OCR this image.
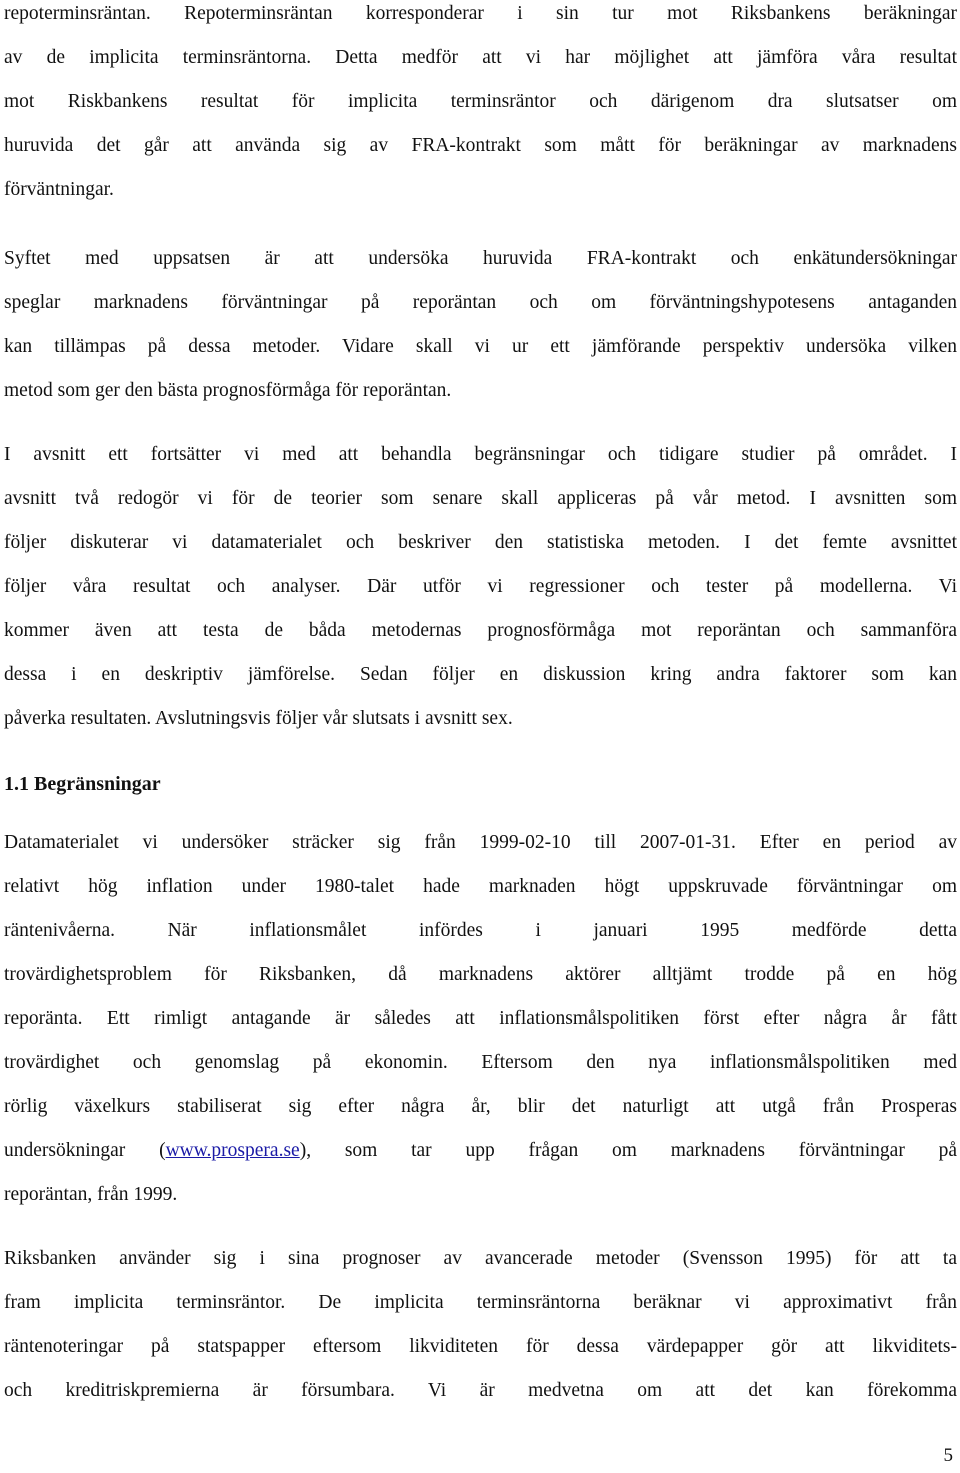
repoterminsräntan. Repoterminsräntan korresponderar i sin tur mot Riksbankens beräkningar
av de implicita terminsräntorna. Detta medför att vi har möjlighet att jämföra våra resultat
mot Riskbankens resultat för implicita terminsräntor och därigenom dra slutsatser om
huruvida det går att använda sig av FRA-kontrakt som mått för beräkningar av marknadens
förväntningar.
Syftet med uppsatsen är att undersöka huruvida FRA-kontrakt och enkätundersökningar
speglar marknadens förväntningar på reporäntan och om förväntningshypotesens antaganden
kan tillämpas på dessa metoder. Vidare skall vi ur ett jämförande perspektiv undersöka vilken
metod som ger den bästa prognosförmåga för reporäntan.
I avsnitt ett fortsätter vi med att behandla begränsningar och tidigare studier på området. I
avsnitt två redogör vi för de teorier som senare skall appliceras på vår metod. I avsnitten som
följer diskuterar vi datamaterialet och beskriver den statistiska metoden. I det femte avsnittet
följer våra resultat och analyser. Där utför vi regressioner och tester på modellerna. Vi
kommer även att testa de båda metodernas prognosförmåga mot reporäntan och sammanföra
dessa i en deskriptiv jämförelse. Sedan följer en diskussion kring andra faktorer som kan
påverka resultaten. Avslutningsvis följer vår slutsats i avsnitt sex.
1.1 Begränsningar
Datamaterialet vi undersöker sträcker sig från 1999-02-10 till 2007-01-31. Efter en period av
relativt hög inflation under 1980-talet hade marknaden högt uppskruvade förväntningar om
räntenivåerna. När inflationsmålet infördes i januari 1995 medförde detta
trovärdighetsproblem för Riksbanken, då marknadens aktörer alltjämt trodde på en hög
reporänta. Ett rimligt antagande är således att inflationsmålspolitiken först efter några år fått
trovärdighet och genomslag på ekonomin. Eftersom den nya inflationsmålspolitiken med
rörlig växelkurs stabiliserat sig efter några år, blir det naturligt att utgå från Prosperas
undersökningar (www.prospera.se), som tar upp frågan om marknadens förväntningar på
reporäntan, från 1999.
Riksbanken använder sig i sina prognoser av avancerade metoder (Svensson 1995) för att ta
fram implicita terminsräntor. De implicita terminsräntorna beräknar vi approximativt från
räntenoteringar på statspapper eftersom likviditeten för dessa värdepapper gör att likviditets-
och kreditriskpremierna är försumbara. Vi är medvetna om att det kan förekomma
5
